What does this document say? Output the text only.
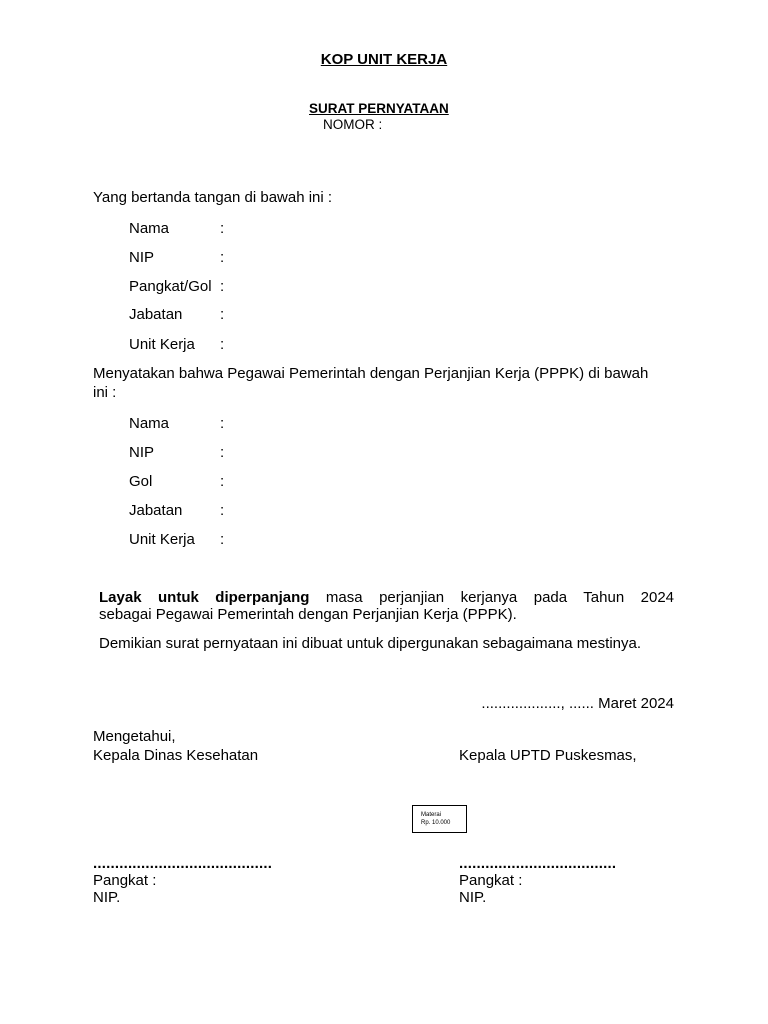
KOP UNIT KERJA
SURAT PERNYATAAN
NOMOR :
Yang bertanda tangan di bawah ini :
Nama	:
NIP	:
Pangkat/Gol :
Jabatan	:
Unit Kerja :
Menyatakan bahwa Pegawai Pemerintah dengan Perjanjian Kerja (PPPK) di bawah
ini :
Nama	:
NIP	:
Gol	:
Jabatan	:
Unit Kerja :
Layak untuk diperpanjang masa perjanjian kerjanya pada Tahun 2024
sebagai Pegawai Pemerintah dengan Perjanjian Kerja (PPPK).
Demikian surat pernyataan ini dibuat untuk dipergunakan sebagaimana mestinya.
..................., ...... Maret 2024
Mengetahui,
Kepala Dinas Kesehatan	Kepala UPTD Puskesmas,
Materai
Rp. 10.000
.........................................	....................................
Pangkat :	Pangkat :
NIP.	NIP.
